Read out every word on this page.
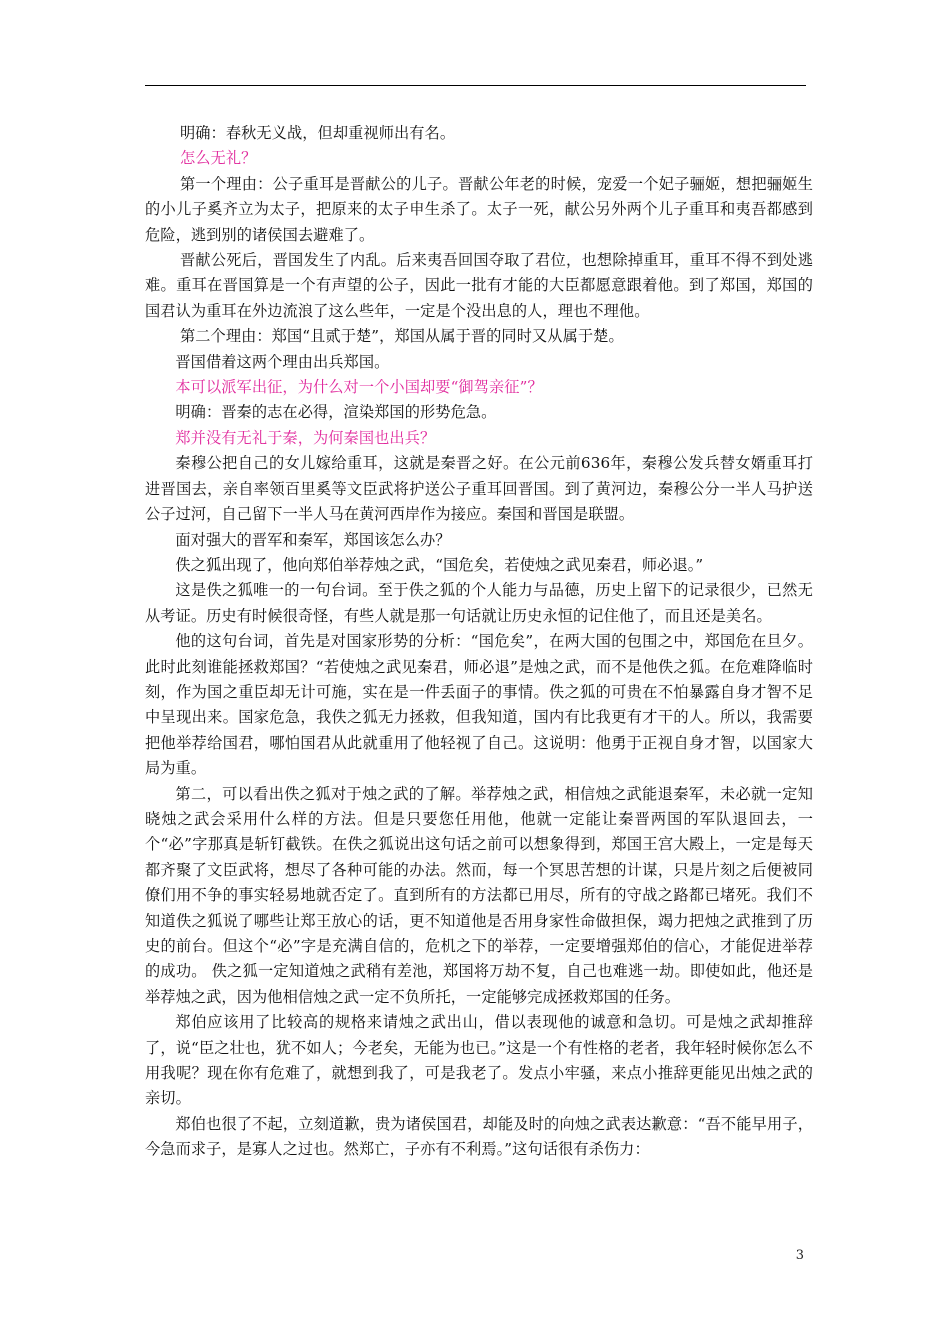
明确：春秋无义战，但却重视师出有名。

怎么无礼？

第一个理由：公子重耳是晋献公的儿子。晋献公年老的时候，宠爱一个妃子骊姬，想把骊姬生的小儿子奚齐立为太子，把原来的太子申生杀了。太子一死，献公另外两个儿子重耳和夷吾都感到危险，逃到别的诸侯国去避难了。

晋献公死后，晋国发生了内乱。后来夷吾回国夺取了君位，也想除掉重耳，重耳不得不到处逃难。重耳在晋国算是一个有声望的公子，因此一批有才能的大臣都愿意跟着他。到了郑国，郑国的国君认为重耳在外边流浪了这么些年，一定是个没出息的人，理也不理他。

第二个理由：郑国“且贰于楚”，郑国从属于晋的同时又从属于楚。

晋国借着这两个理由出兵郑国。

本可以派军出征，为什么对一个小国却要“御驾亲征”？

明确：晋秦的志在必得，渲染郑国的形势危急。

郑并没有无礼于秦，为何秦国也出兵？

秦穆公把自己的女儿嫁给重耳，这就是秦晋之好。在公元前636年，秦穆公发兵替女婿重耳打进晋国去，亲自率领百里奚等文臣武将护送公子重耳回晋国。到了黄河边，秦穆公分一半人马护送公子过河，自己留下一半人马在黄河西岸作为接应。秦国和晋国是联盟。

面对强大的晋军和秦军，郑国该怎么办？

佚之狐出现了，他向郑伯举荐烛之武，“国危矣，若使烛之武见秦君，师必退。”

这是佚之狐唯一的一句台词。至于佚之狐的个人能力与品德，历史上留下的记录很少，已然无从考证。历史有时候很奇怪，有些人就是那一句话就让历史永恒的记住他了，而且还是美名。

他的这句台词，首先是对国家形势的分析：“国危矣”，在两大国的包围之中，郑国危在旦夕。此时此刻谁能拯救郑国？“若使烛之武见秦君，师必退”是烛之武，而不是他佚之狐。在危难降临时刻，作为国之重臣却无计可施，实在是一件丢面子的事情。佚之狐的可贵在不怕暴露自身才智不足中呈现出来。国家危急，我佚之狐无力拯救，但我知道，国内有比我更有才干的人。所以，我需要把他举荐给国君，哪怕国君从此就重用了他轻视了自己。这说明：他勇于正视自身才智，以国家大局为重。

第二，可以看出佚之狐对于烛之武的了解。举荐烛之武，相信烛之武能退秦军，未必就一定知晓烛之武会采用什么样的方法。但是只要您任用他，他就一定能让秦晋两国的军队退回去，一个“必”字那真是斩钉截铁。在佚之狐说出这句话之前可以想象得到，郑国王宫大殿上，一定是每天都齐聚了文臣武将，想尽了各种可能的办法。然而，每一个冥思苦想的计谋，只是片刻之后便被同僚们用不争的事实轻易地就否定了。直到所有的方法都已用尽，所有的守战之路都已堵死。我们不知道佚之狐说了哪些让郑王放心的话，更不知道他是否用身家性命做担保，竭力把烛之武推到了历史的前台。但这个“必”字是充满自信的，危机之下的举荐，一定要增强郑伯的信心，才能促进举荐的成功。 佚之狐一定知道烛之武稍有差池，郑国将万劫不复，自己也难逃一劫。即使如此，他还是举荐烛之武，因为他相信烛之武一定不负所托，一定能够完成拯救郑国的任务。

郑伯应该用了比较高的规格来请烛之武出山，借以表现他的诚意和急切。可是烛之武却推辞了，说“臣之壮也，犹不如人；今老矣，无能为也已。”这是一个有性格的老者，我年轻时候你怎么不用我呢？现在你有危难了，就想到我了，可是我老了。发点小牢骚，来点小推辞更能见出烛之武的亲切。

郑伯也很了不起，立刻道歉，贵为诸侯国君，却能及时的向烛之武表达歉意：“吾不能早用子，今急而求子，是寡人之过也。然郑亡，子亦有不利焉。”这句话很有杀伤力：

3
